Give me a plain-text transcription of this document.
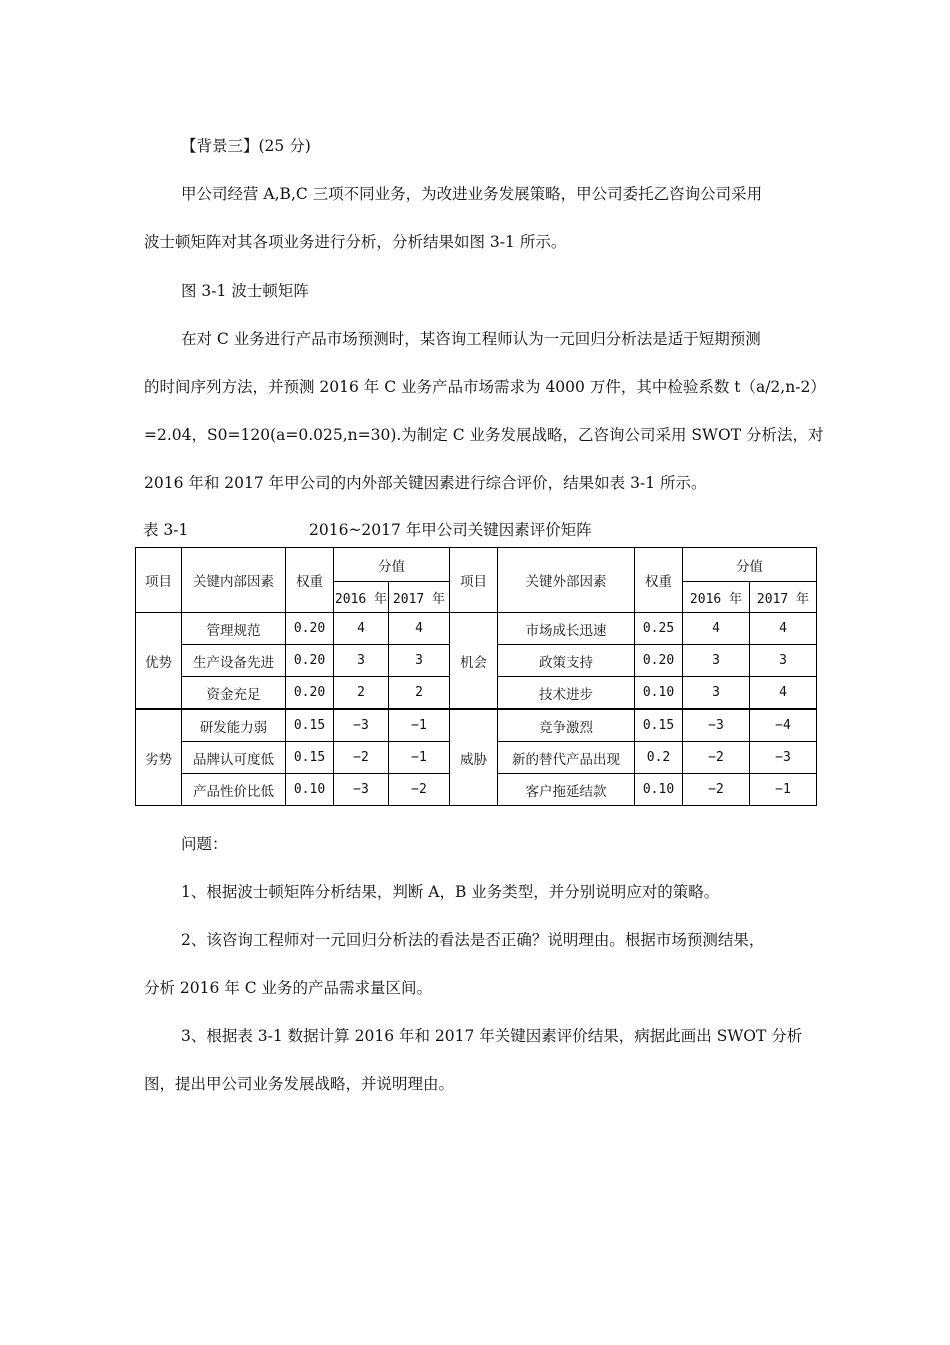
【背景三】(25 分)
甲公司经营 A,B,C 三项不同业务，为改进业务发展策略，甲公司委托乙咨询公司采用
波士顿矩阵对其各项业务进行分析，分析结果如图 3-1 所示。
图 3-1 波士顿矩阵
在对 C 业务进行产品市场预测时，某咨询工程师认为一元回归分析法是适于短期预测
的时间序列方法，并预测 2016 年 C 业务产品市场需求为 4000 万件，其中检验系数 t（a/2,n-2）
=2.04，S0=120(a=0.025,n=30).为制定 C 业务发展战略，乙咨询公司采用 SWOT 分析法，对
2016 年和 2017 年甲公司的内外部关键因素进行综合评价，结果如表 3-1 所示。
表 3-1	2016~2017 年甲公司关键因素评价矩阵
项目	关键内部因素	权重	分值		项目	关键外部因素	权重	分值	
			2016 年	2017 年				2016 年	2017 年
优势	管理规范	0.20	4	4	机会	市场成长迅速	0.25	4	4
	生产设备先进	0.20	3	3		政策支持	0.20	3	3
	资金充足	0.20	2	2		技术进步	0.10	3	4
劣势	研发能力弱	0.15	−3	−1	威胁	竞争激烈	0.15	−3	−4
	品牌认可度低	0.15	−2	−1		新的替代产品出现	0.2	−2	−3
	产品性价比低	0.10	−3	−2		客户拖延结款	0.10	−2	−1
问题：
1、根据波士顿矩阵分析结果，判断 A，B 业务类型，并分别说明应对的策略。
2、该咨询工程师对一元回归分析法的看法是否正确？说明理由。根据市场预测结果，
分析 2016 年 C 业务的产品需求量区间。
3、根据表 3-1 数据计算 2016 年和 2017 年关键因素评价结果，病据此画出 SWOT 分析
图，提出甲公司业务发展战略，并说明理由。
